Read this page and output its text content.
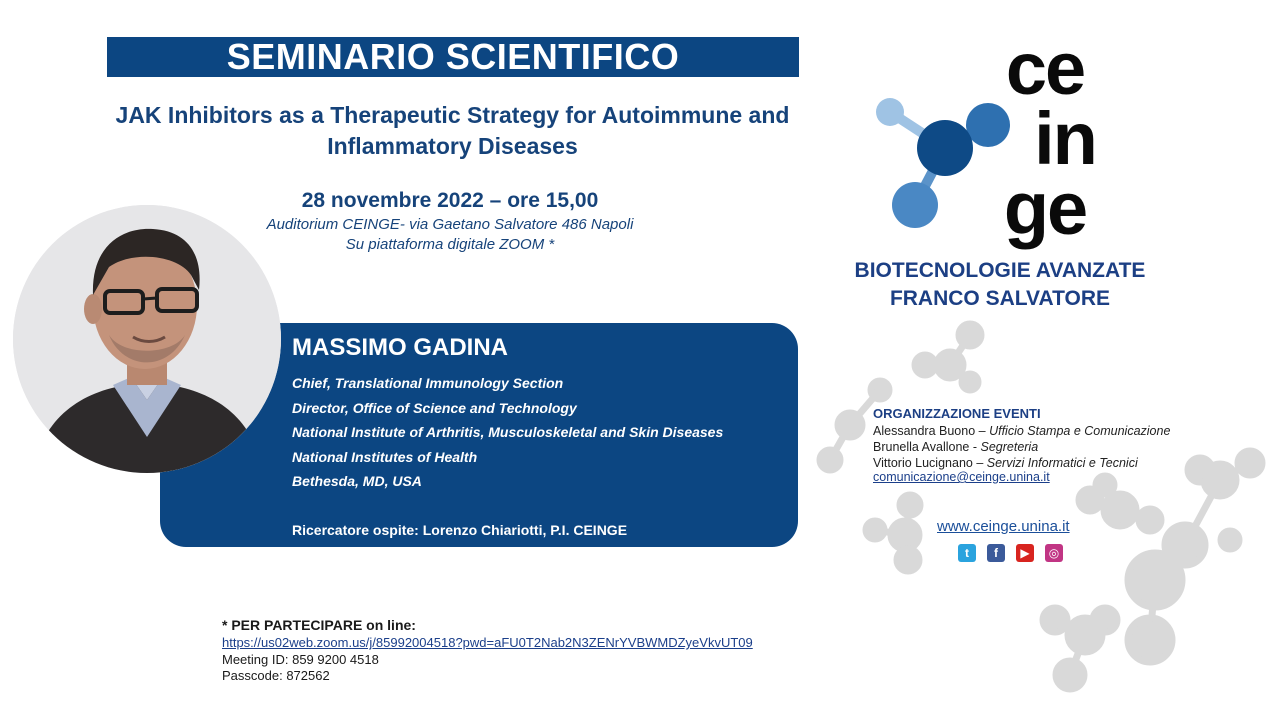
SEMINARIO SCIENTIFICO
JAK Inhibitors as a Therapeutic Strategy for Autoimmune and Inflammatory Diseases
28 novembre 2022 – ore 15,00
Auditorium CEINGE- via Gaetano Salvatore 486 Napoli
Su piattaforma digitale ZOOM *
MASSIMO GADINA
Chief, Translational Immunology Section
Director, Office of Science and Technology
National Institute of Arthritis, Musculoskeletal and Skin Diseases
National Institutes of Health
Bethesda, MD, USA
Ricercatore ospite: Lorenzo Chiariotti, P.I. CEINGE
* PER PARTECIPARE on line:
https://us02web.zoom.us/j/85992004518?pwd=aFU0T2Nab2N3ZENrYVBWMDZyeVkvUT09
Meeting ID: 859 9200 4518
Passcode: 872562
ce
in
ge
BIOTECNOLOGIE AVANZATE
FRANCO SALVATORE
ORGANIZZAZIONE EVENTI
Alessandra Buono – Ufficio Stampa e Comunicazione
Brunella Avallone - Segreteria
Vittorio Lucignano – Servizi Informatici e Tecnici
comunicazione@ceinge.unina.it
www.ceinge.unina.it
t	f	▶	◎
